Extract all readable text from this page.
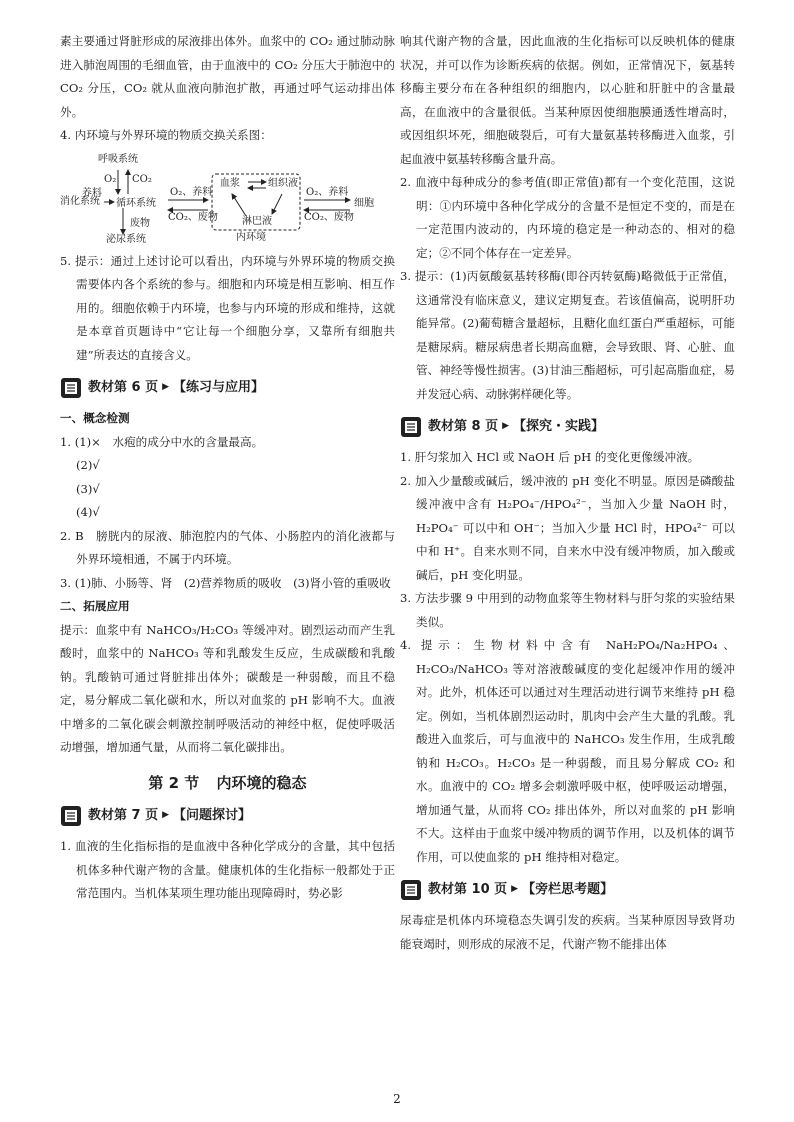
素主要通过肾脏形成的尿液排出体外。血浆中的 CO₂ 通过肺动脉进入肺泡周围的毛细血管，由于血液中的 CO₂ 分压大于肺泡中的 CO₂ 分压，CO₂ 就从血液向肺泡扩散，再通过呼气运动排出体外。

4. 内环境与外界环境的物质交换关系图：

呼吸系统
O₂ CO₂
消化系统
养料
循环系统
O₂、养料
CO₂、废物
废物
泌尿系统
血浆	组织液
淋巴液
内环境
O₂、养料
CO₂、废物
细胞

5. 提示：通过上述讨论可以看出，内环境与外界环境的物质交换需要体内各个系统的参与。细胞和内环境是相互影响、相互作用的。细胞依赖于内环境，也参与内环境的形成和维持，这就是本章首页题诗中“它让每一个细胞分享，又靠所有细胞共建”所表达的直接含义。

教材第 6 页 ▶ 【练习与应用】

一、概念检测

1. (1)×　水疱的成分中水的含量最高。

(2)√

(3)√

(4)√

2. B　膀胱内的尿液、肺泡腔内的气体、小肠腔内的消化液都与外界环境相通，不属于内环境。

3. (1)肺、小肠等、肾　(2)营养物质的吸收　(3)肾小管的重吸收

二、拓展应用

提示：血浆中有 NaHCO₃/H₂CO₃ 等缓冲对。剧烈运动而产生乳酸时，血浆中的 NaHCO₃ 等和乳酸发生反应，生成碳酸和乳酸钠。乳酸钠可通过肾脏排出体外；碳酸是一种弱酸，而且不稳定，易分解成二氧化碳和水，所以对血浆的 pH 影响不大。血液中增多的二氧化碳会刺激控制呼吸活动的神经中枢，促使呼吸活动增强，增加通气量，从而将二氧化碳排出。

第 2 节 内环境的稳态
教材第 7 页 ▶ 【问题探讨】

1. 血液的生化指标指的是血液中各种化学成分的含量，其中包括机体多种代谢产物的含量。健康机体的生化指标一般都处于正常范围内。当机体某项生理功能出现障碍时，势必影

响其代谢产物的含量，因此血液的生化指标可以反映机体的健康状况，并可以作为诊断疾病的依据。例如，正常情况下，氨基转移酶主要分布在各种组织的细胞内，以心脏和肝脏中的含量最高，在血液中的含量很低。当某种原因使细胞膜通透性增高时，或因组织坏死，细胞破裂后，可有大量氨基转移酶进入血浆，引起血液中氨基转移酶含量升高。

2. 血液中每种成分的参考值(即正常值)都有一个变化范围，这说明：①内环境中各种化学成分的含量不是恒定不变的，而是在一定范围内波动的，内环境的稳定是一种动态的、相对的稳定；②不同个体存在一定差异。

3. 提示：(1)丙氨酸氨基转移酶(即谷丙转氨酶)略微低于正常值，这通常没有临床意义，建议定期复查。若该值偏高，说明肝功能异常。(2)葡萄糖含量超标，且糖化血红蛋白严重超标，可能是糖尿病。糖尿病患者长期高血糖，会导致眼、肾、心脏、血管、神经等慢性损害。(3)甘油三酯超标，可引起高脂血症，易并发冠心病、动脉粥样硬化等。

教材第 8 页 ▶ 【探究・实践】

1. 肝匀浆加入 HCl 或 NaOH 后 pH 的变化更像缓冲液。

2. 加入少量酸或碱后，缓冲液的 pH 变化不明显。原因是磷酸盐缓冲液中含有 H₂PO₄⁻/HPO₄²⁻，当加入少量 NaOH 时，H₂PO₄⁻ 可以中和 OH⁻；当加入少量 HCl 时，HPO₄²⁻ 可以中和 H⁺。自来水则不同，自来水中没有缓冲物质，加入酸或碱后，pH 变化明显。

3. 方法步骤 9 中用到的动物血浆等生物材料与肝匀浆的实验结果类似。

4. 提示：生物材料中含有 NaH₂PO₄/Na₂HPO₄、H₂CO₃/NaHCO₃ 等对溶液酸碱度的变化起缓冲作用的缓冲对。此外，机体还可以通过对生理活动进行调节来维持 pH 稳定。例如，当机体剧烈运动时，肌肉中会产生大量的乳酸。乳酸进入血浆后，可与血液中的 NaHCO₃ 发生作用，生成乳酸钠和 H₂CO₃。H₂CO₃ 是一种弱酸，而且易分解成 CO₂ 和水。血液中的 CO₂ 增多会刺激呼吸中枢，使呼吸运动增强，增加通气量，从而将 CO₂ 排出体外，所以对血浆的 pH 影响不大。这样由于血浆中缓冲物质的调节作用，以及机体的调节作用，可以使血浆的 pH 维持相对稳定。

教材第 10 页 ▶ 【旁栏思考题】

尿毒症是机体内环境稳态失调引发的疾病。当某种原因导致肾功能衰竭时，则形成的尿液不足，代谢产物不能排出体

2
